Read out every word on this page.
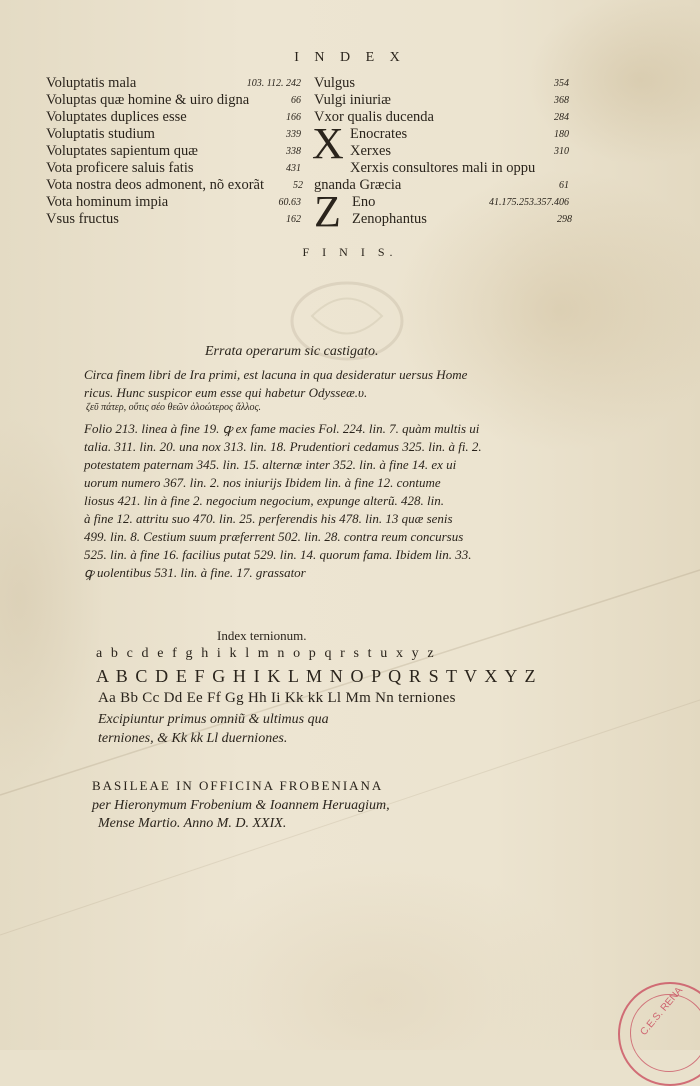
I N D E X
Voluptatis mala	103. 112. 242
Voluptas quæ homine & uiro digna	66
Voluptates duplices esse	166
Voluptatis studium	339
Voluptates sapientum quæ	338
Vota proficere saluis fatis	431
Vota nostra deos admonent, nõ exorãt	52
Vota hominum impia	60.63
Vsus fructus	162
Vulgus	354
Vulgi iniuriæ	368
Vxor qualis ducenda	284
X Enocrates	180
Xerxes	310
Xerxis consultores mali in oppu
gnanda Græcia	61
Z Eno	41.175.253.357.406
Zenophantus	298
F I N I S.
Errata operarum sic castigato.
Circa finem libri de Ira primi, est lacuna in qua desideratur uersus Home
ricus. Hunc suspicor eum esse qui habetur Odysseæ.υ.
ζεῦ πάτερ, οὔτις σέο θεῶν ὀλοώτερος ἄλλος.
Folio 213. linea à fine 19. ꝙ ex fame macies Fol. 224. lin. 7. quàm multis ui
talia. 311. lin. 20. una nox 313. lin. 18. Prudentiori cedamus 325. lin. à fi. 2.
potestatem paternam 345. lin. 15. alternæ inter 352. lin. à fine 14. ex ui
uorum numero 367. lin. 2. nos iniurijs Ibidem lin. à fine 12. contume
liosus 421. lin à fine 2. negocium negocium, expunge alterũ. 428. lin.
à fine 12. attritu suo 470. lin. 25. perferendis his 478. lin. 13 quæ senis
499. lin. 8. Cestium suum præferrent 502. lin. 28. contra reum concursus
525. lin. à fine 16. facilius putat 529. lin. 14. quorum fama. Ibidem lin. 33.
ꝙ uolentibus 531. lin. à fine. 17. grassator
Index ternionum.
a b c d e f g h i k l m n o p q r s t u x y z
A B C D E F G H I K L M N O P Q R S T V X Y Z
Aa Bb Cc Dd Ee Ff Gg Hh Ii Kk kk Ll Mm Nn terniones
Excipiuntur primus omniũ & ultimus qua
terniones, & Kk kk Ll duerniones.
BASILEAE IN OFFICINA FROBENIANA
per Hieronymum Frobenium & Ioannem Heruagium,
Mense Martio. Anno M. D. XXIX.
C.E.S. RENA
